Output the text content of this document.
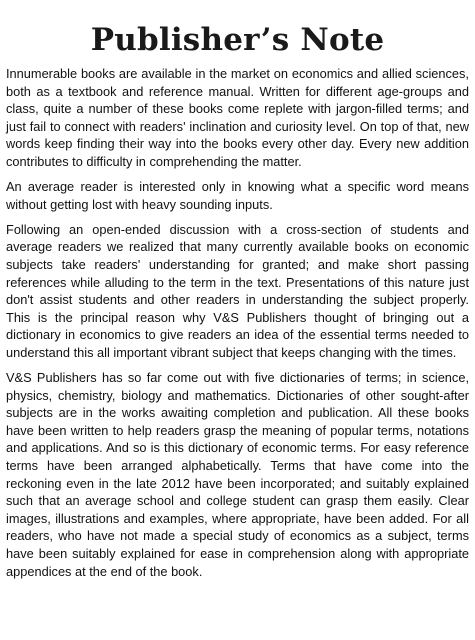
Publisher’s Note

Innumerable books are available in the market on economics and allied sciences, both as a textbook and reference manual. Written for different age-groups and class, quite a number of these books come replete with jargon-filled terms; and just fail to connect with readers' inclination and curiosity level. On top of that, new words keep finding their way into the books every other day. Every new addition contributes to difficulty in comprehending the matter.

An average reader is interested only in knowing what a specific word means without getting lost with heavy sounding inputs.

Following an open-ended discussion with a cross-section of students and average readers we realized that many currently available books on economic subjects take readers' understanding for granted; and make short passing references while alluding to the term in the text. Presentations of this nature just don't assist students and other readers in understanding the subject properly. This is the principal reason why V&S Publishers thought of bringing out a dictionary in economics to give readers an idea of the essential terms needed to understand this all important vibrant subject that keeps changing with the times.

V&S Publishers has so far come out with five dictionaries of terms; in science, physics, chemistry, biology and mathematics. Dictionaries of other sought-after subjects are in the works awaiting completion and publication. All these books have been written to help readers grasp the meaning of popular terms, notations and applications. And so is this dictionary of economic terms. For easy reference terms have been arranged alphabetically. Terms that have come into the reckoning even in the late 2012 have been incorporated; and suitably explained such that an average school and college student can grasp them easily. Clear images, illustrations and examples, where appropriate, have been added. For all readers, who have not made a special study of economics as a subject, terms have been suitably explained for ease in comprehension along with appropriate appendices at the end of the book.
